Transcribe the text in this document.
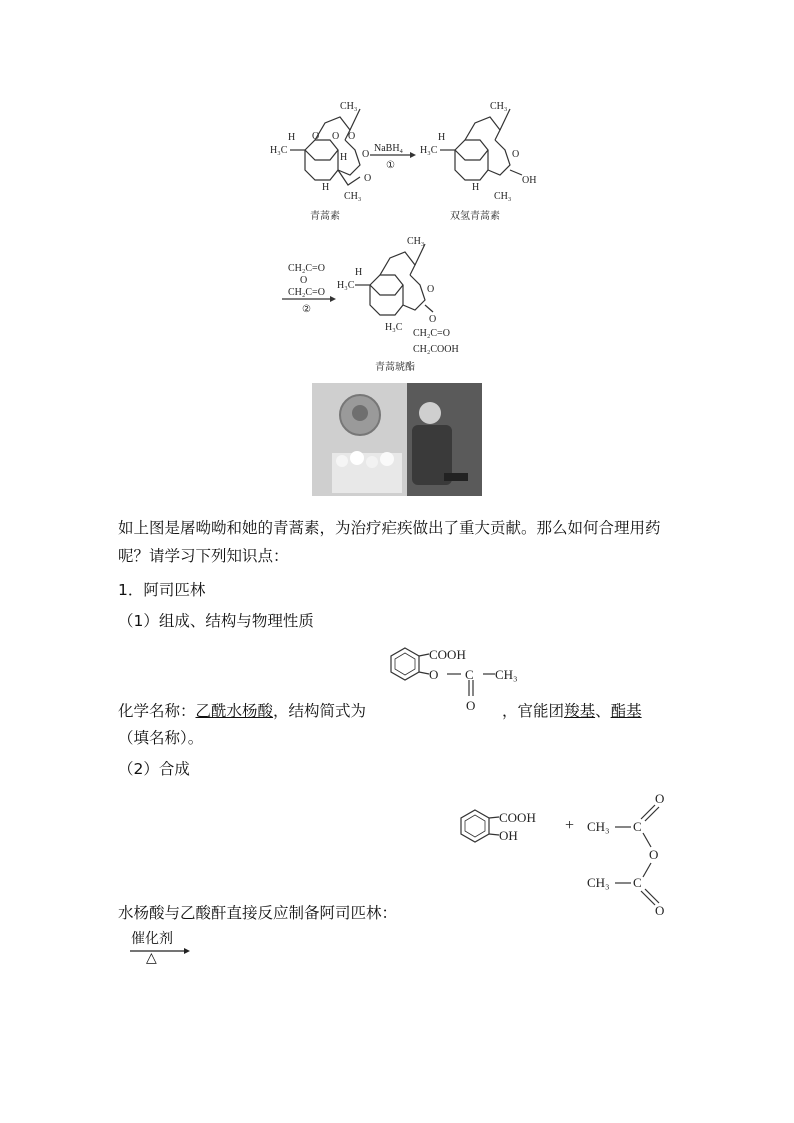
CH₃
H₃C
H O O O
O
H
O
H
CH₃
青蒿素
NaBH₄
①
CH₃
H₃C
H
O
OH
H
CH₃
双氢青蒿素
CH₂C=O
O
CH₂C=O
②
CH₃
H₃C
H
O
O
CH₂C=O
H₃C
CH₂COOH
青蒿琥酯
如上图是屠呦呦和她的青蒿素，为治疗疟疾做出了重大贡献。那么如何合理用药呢？请学习下列知识点：
1．阿司匹林
（1）组成、结构与物理性质
COOH
O C CH₃
O
化学名称：乙酰水杨酸，结构简式为	，官能团羧基、酯基
（填名称）。
（2）合成
COOH
OH
+
O
CH₃ C
O
CH₃ C
O
水杨酸与乙酸酐直接反应制备阿司匹林：
催化剂
△
